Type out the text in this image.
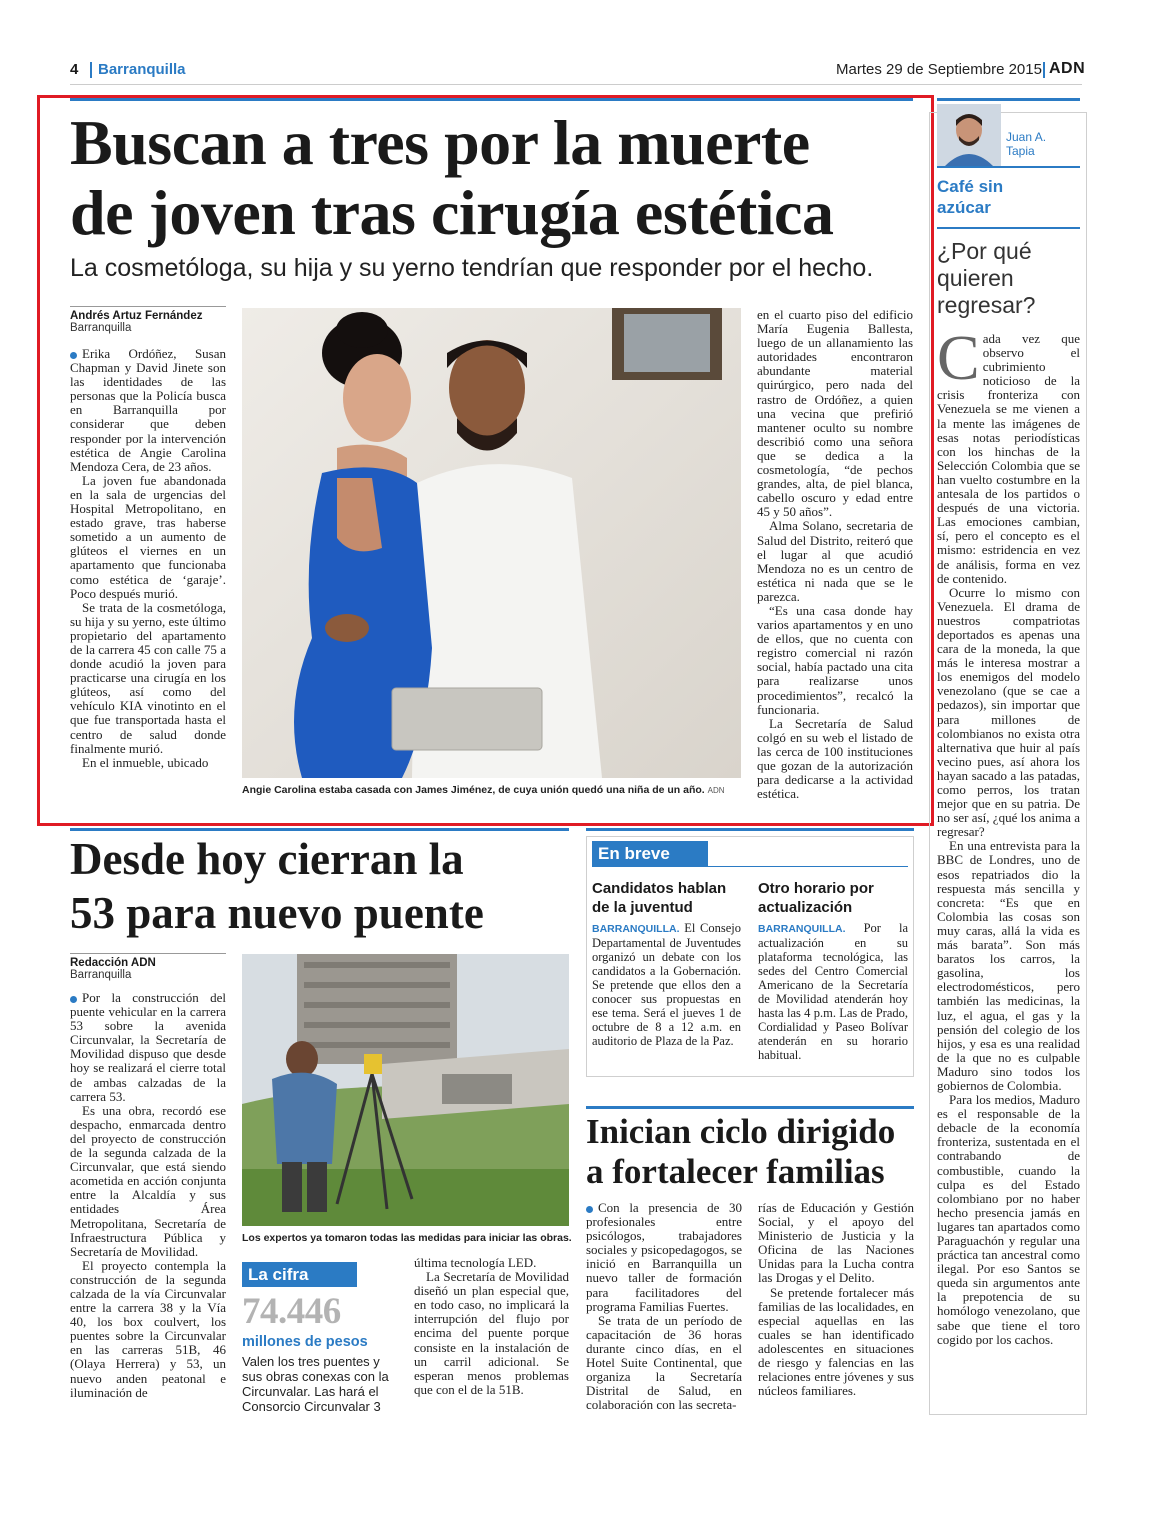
4 Barranquilla	Martes 29 de Septiembre 2015 ADN
Buscan a tres por la muerte
de joven tras cirugía estética
La cosmetóloga, su hija y su yerno tendrían que responder por el hecho.
Andrés Artuz Fernández
Barranquilla

Erika Ordóñez, Susan Chapman y David Jinete son las identidades de las personas que la Policía busca en Barranquilla por considerar que deben responder por la intervención estética de Angie Carolina Mendoza Cera, de 23 años.

La joven fue abandonada en la sala de urgencias del Hospital Metropolitano, en estado grave, tras haberse sometido a un aumento de glúteos el viernes en un apartamento que funcionaba como estética de ‘garaje’. Poco después murió.

Se trata de la cosmetóloga, su hija y su yerno, este último propietario del apartamento de la carrera 45 con calle 75 a donde acudió la joven para practicarse una cirugía en los glúteos, así como del vehículo KIA vinotinto en el que fue transportada hasta el centro de salud donde finalmente murió.

En el inmueble, ubicado

Angie Carolina estaba casada con James Jiménez, de cuya unión quedó una niña de un año. ADN

en el cuarto piso del edificio María Eugenia Ballesta, luego de un allanamiento las autoridades encontraron abundante material quirúrgico, pero nada del rastro de Ordóñez, a quien una vecina que prefirió mantener oculto su nombre describió como una señora que se dedica a la cosmetología, “de pechos grandes, alta, de piel blanca, cabello oscuro y edad entre 45 y 50 años”.

Alma Solano, secretaria de Salud del Distrito, reiteró que el lugar al que acudió Mendoza no es un centro de estética ni nada que se le parezca.

“Es una casa donde hay varios apartamentos y en uno de ellos, que no cuenta con registro comercial ni razón social, había pactado una cita para realizarse unos procedimientos”, recalcó la funcionaria.

La Secretaría de Salud colgó en su web el listado de las cerca de 100 instituciones que gozan de la autorización para dedicarse a la actividad estética.

Juan A.
Tapia
Café sin
azúcar
¿Por qué quieren regresar?

Cada vez que observo el cubrimiento noticioso de la crisis fronteriza con Venezuela se me vienen a la mente las imágenes de esas notas periodísticas con los hinchas de la Selección Colombia que se han vuelto costumbre en la antesala de los partidos o después de una victoria. Las emociones cambian, sí, pero el concepto es el mismo: estridencia en vez de análisis, forma en vez de contenido.

Ocurre lo mismo con Venezuela. El drama de nuestros compatriotas deportados es apenas una cara de la moneda, la que más le interesa mostrar a los enemigos del modelo venezolano (que se cae a pedazos), sin importar que para millones de colombianos no exista otra alternativa que huir al país vecino pues, así ahora los hayan sacado a las patadas, como perros, los tratan mejor que en su patria. De no ser así, ¿qué los anima a regresar?

En una entrevista para la BBC de Londres, uno de esos repatriados dio la respuesta más sencilla y concreta: “Es que en Colombia las cosas son muy caras, allá la vida es más barata”. Son más baratos los carros, la gasolina, los electrodomésticos, pero también las medicinas, la luz, el agua, el gas y la pensión del colegio de los hijos, y esa es una realidad de la que no es culpable Maduro sino todos los gobiernos de Colombia.

Para los medios, Maduro es el responsable de la debacle de la economía fronteriza, sustentada en el contrabando de combustible, cuando la culpa es del Estado colombiano por no haber hecho presencia jamás en lugares tan apartados como Paraguachón y regular una práctica tan ancestral como ilegal. Por eso Santos se queda sin argumentos ante la prepotencia de su homólogo venezolano, que sabe que tiene el toro cogido por los cachos.

Desde hoy cierran la
53 para nuevo puente
Redacción ADN
Barranquilla

Por la construcción del puente vehicular en la carrera 53 sobre la avenida Circunvalar, la Secretaría de Movilidad dispuso que desde hoy se realizará el cierre total de ambas calzadas de la carrera 53.

Es una obra, recordó ese despacho, enmarcada dentro del proyecto de construcción de la segunda calzada de la Circunvalar, que está siendo acometida en acción conjunta entre la Alcaldía y sus entidades Área Metropolitana, Secretaría de Infraestructura Pública y Secretaría de Movilidad.

El proyecto contempla la construcción de la segunda calzada de la vía Circunvalar entre la carrera 38 y la Vía 40, los box coulvert, los puentes sobre la Circunvalar en las carreras 51B, 46 (Olaya Herrera) y 53, un nuevo anden peatonal e iluminación de

Los expertos ya tomaron todas las medidas para iniciar las obras.
La cifra
74.446
millones de pesos
Valen los tres puentes y sus obras conexas con la Circunvalar. Las hará el Consorcio Circunvalar 3

última tecnología LED.

La Secretaría de Movilidad diseñó un plan especial que, en todo caso, no implicará la interrupción del flujo por encima del puente porque consiste en la instalación de un carril adicional. Se esperan menos problemas que con el de la 51B.

En breve
Candidatos hablan de la juventud
BARRANQUILLA. El Consejo Departamental de Juventudes organizó un debate con los candidatos a la Gobernación. Se pretende que ellos den a conocer sus propuestas en ese tema. Será el jueves 1 de octubre de 8 a 12 a.m. en auditorio de Plaza de la Paz.
Otro horario por actualización
BARRANQUILLA. Por la actualización en su plataforma tecnológica, las sedes del Centro Comercial Americano de la Secretaría de Movilidad atenderán hoy hasta las 4 p.m. Las de Prado, Cordialidad y Paseo Bolívar atenderán en su horario habitual.
Inician ciclo dirigido
a fortalecer familias

Con la presencia de 30 profesionales entre psicólogos, trabajadores sociales y psicopedagogos, se inició en Barranquilla un nuevo taller de formación para facilitadores del programa Familias Fuertes.

Se trata de un período de capacitación de 36 horas durante cinco días, en el Hotel Suite Continental, que organiza la Secretaría Distrital de Salud, en colaboración con las secreta-

rías de Educación y Gestión Social, y el apoyo del Ministerio de Justicia y la Oficina de las Naciones Unidas para la Lucha contra las Drogas y el Delito.

Se pretende fortalecer más familias de las localidades, en especial aquellas en las cuales se han identificado adolescentes en situaciones de riesgo y falencias en las relaciones entre jóvenes y sus núcleos familiares.
